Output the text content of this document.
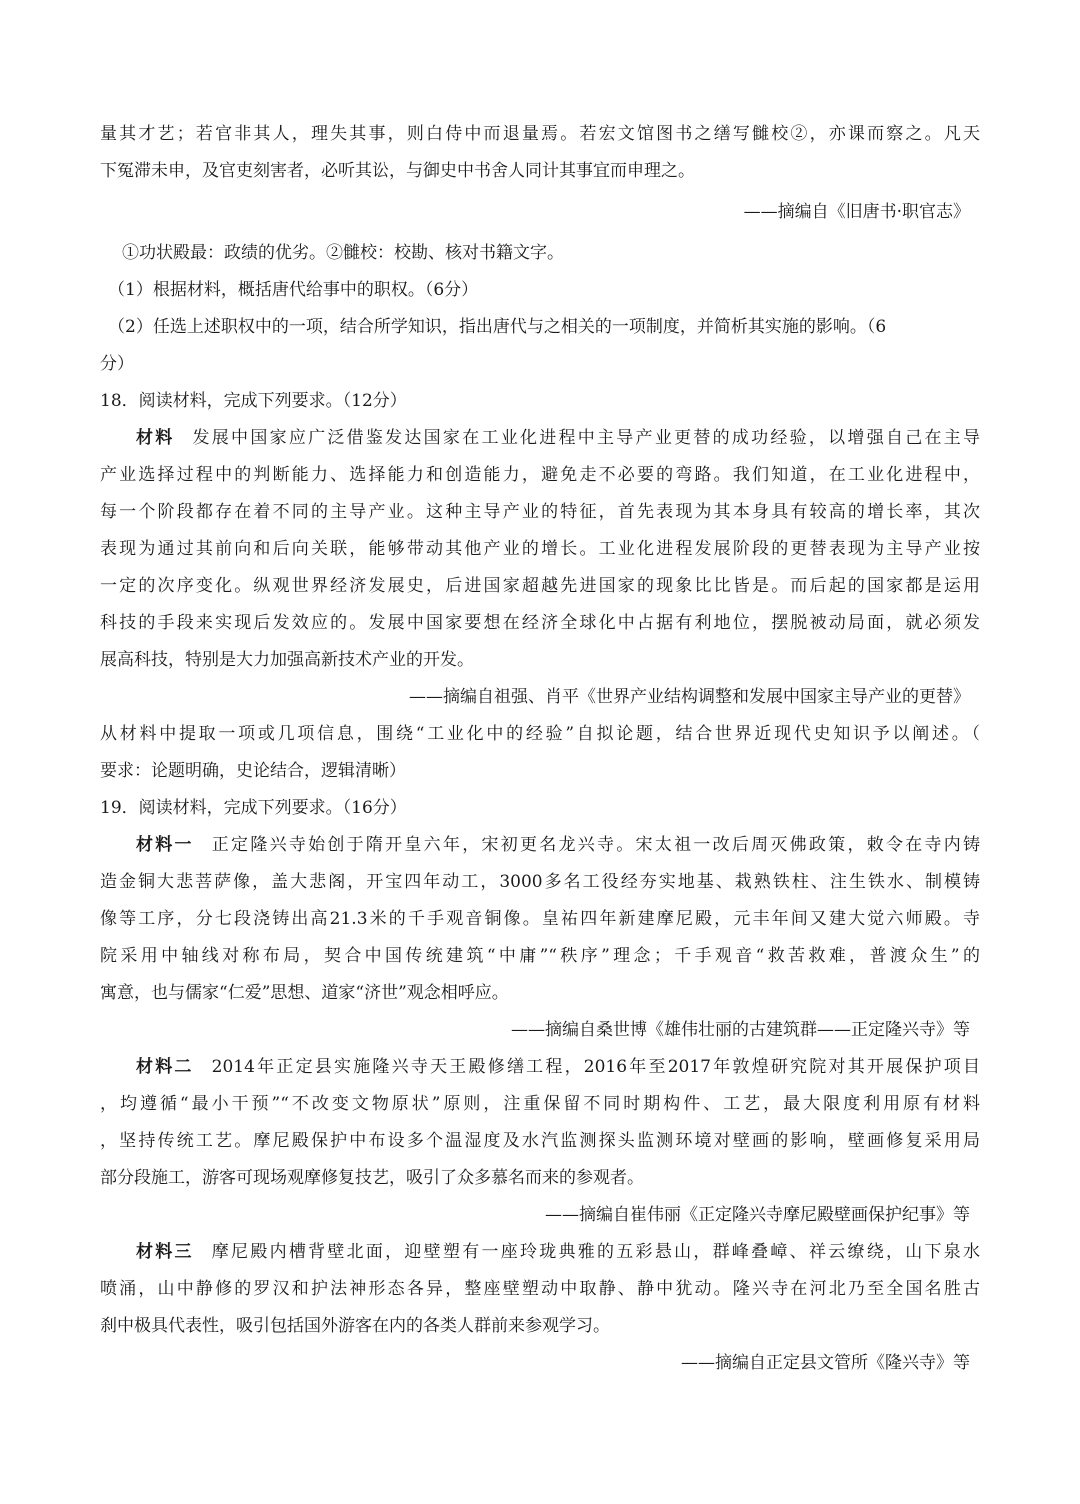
量其才艺；若官非其人，理失其事，则白侍中而退量焉。若宏文馆图书之缮写雠校②，亦课而察之。凡天
下冤滞未申，及官吏刻害者，必听其讼，与御史中书舍人同计其事宜而申理之。
——摘编自《旧唐书·职官志》
①功状殿最：政绩的优劣。②雠校：校勘、核对书籍文字。
（1）根据材料，概括唐代给事中的职权。（6分）
（2）任选上述职权中的一项，结合所学知识，指出唐代与之相关的一项制度，并简析其实施的影响。（6
分）
18．阅读材料，完成下列要求。（12分）
材料 发展中国家应广泛借鉴发达国家在工业化进程中主导产业更替的成功经验，以增强自己在主导
产业选择过程中的判断能力、选择能力和创造能力，避免走不必要的弯路。我们知道，在工业化进程中，
每一个阶段都存在着不同的主导产业。这种主导产业的特征，首先表现为其本身具有较高的增长率，其次
表现为通过其前向和后向关联，能够带动其他产业的增长。工业化进程发展阶段的更替表现为主导产业按
一定的次序变化。纵观世界经济发展史，后进国家超越先进国家的现象比比皆是。而后起的国家都是运用
科技的手段来实现后发效应的。发展中国家要想在经济全球化中占据有利地位，摆脱被动局面，就必须发
展高科技，特别是大力加强高新技术产业的开发。
——摘编自祖强、肖平《世界产业结构调整和发展中国家主导产业的更替》
从材料中提取一项或几项信息，围绕“工业化中的经验”自拟论题，结合世界近现代史知识予以阐述。（
要求：论题明确，史论结合，逻辑清晰）
19．阅读材料，完成下列要求。（16分）
材料一 正定隆兴寺始创于隋开皇六年，宋初更名龙兴寺。宋太祖一改后周灭佛政策，敕令在寺内铸
造金铜大悲菩萨像，盖大悲阁，开宝四年动工，3000多名工役经夯实地基、栽熟铁柱、注生铁水、制模铸
像等工序，分七段浇铸出高21.3米的千手观音铜像。皇祐四年新建摩尼殿，元丰年间又建大觉六师殿。寺
院采用中轴线对称布局，契合中国传统建筑“中庸”“秩序”理念；千手观音“救苦救难，普渡众生”的
寓意，也与儒家“仁爱”思想、道家“济世”观念相呼应。
——摘编自桑世博《雄伟壮丽的古建筑群——正定隆兴寺》等
材料二 2014年正定县实施隆兴寺天王殿修缮工程，2016年至2017年敦煌研究院对其开展保护项目
，均遵循“最小干预”“不改变文物原状”原则，注重保留不同时期构件、工艺，最大限度利用原有材料
，坚持传统工艺。摩尼殿保护中布设多个温湿度及水汽监测探头监测环境对壁画的影响，壁画修复采用局
部分段施工，游客可现场观摩修复技艺，吸引了众多慕名而来的参观者。
——摘编自崔伟丽《正定隆兴寺摩尼殿壁画保护纪事》等
材料三 摩尼殿内槽背壁北面，迎壁塑有一座玲珑典雅的五彩悬山，群峰叠嶂、祥云缭绕，山下泉水
喷涌，山中静修的罗汉和护法神形态各异，整座壁塑动中取静、静中犹动。隆兴寺在河北乃至全国名胜古
刹中极具代表性，吸引包括国外游客在内的各类人群前来参观学习。
——摘编自正定县文管所《隆兴寺》等
